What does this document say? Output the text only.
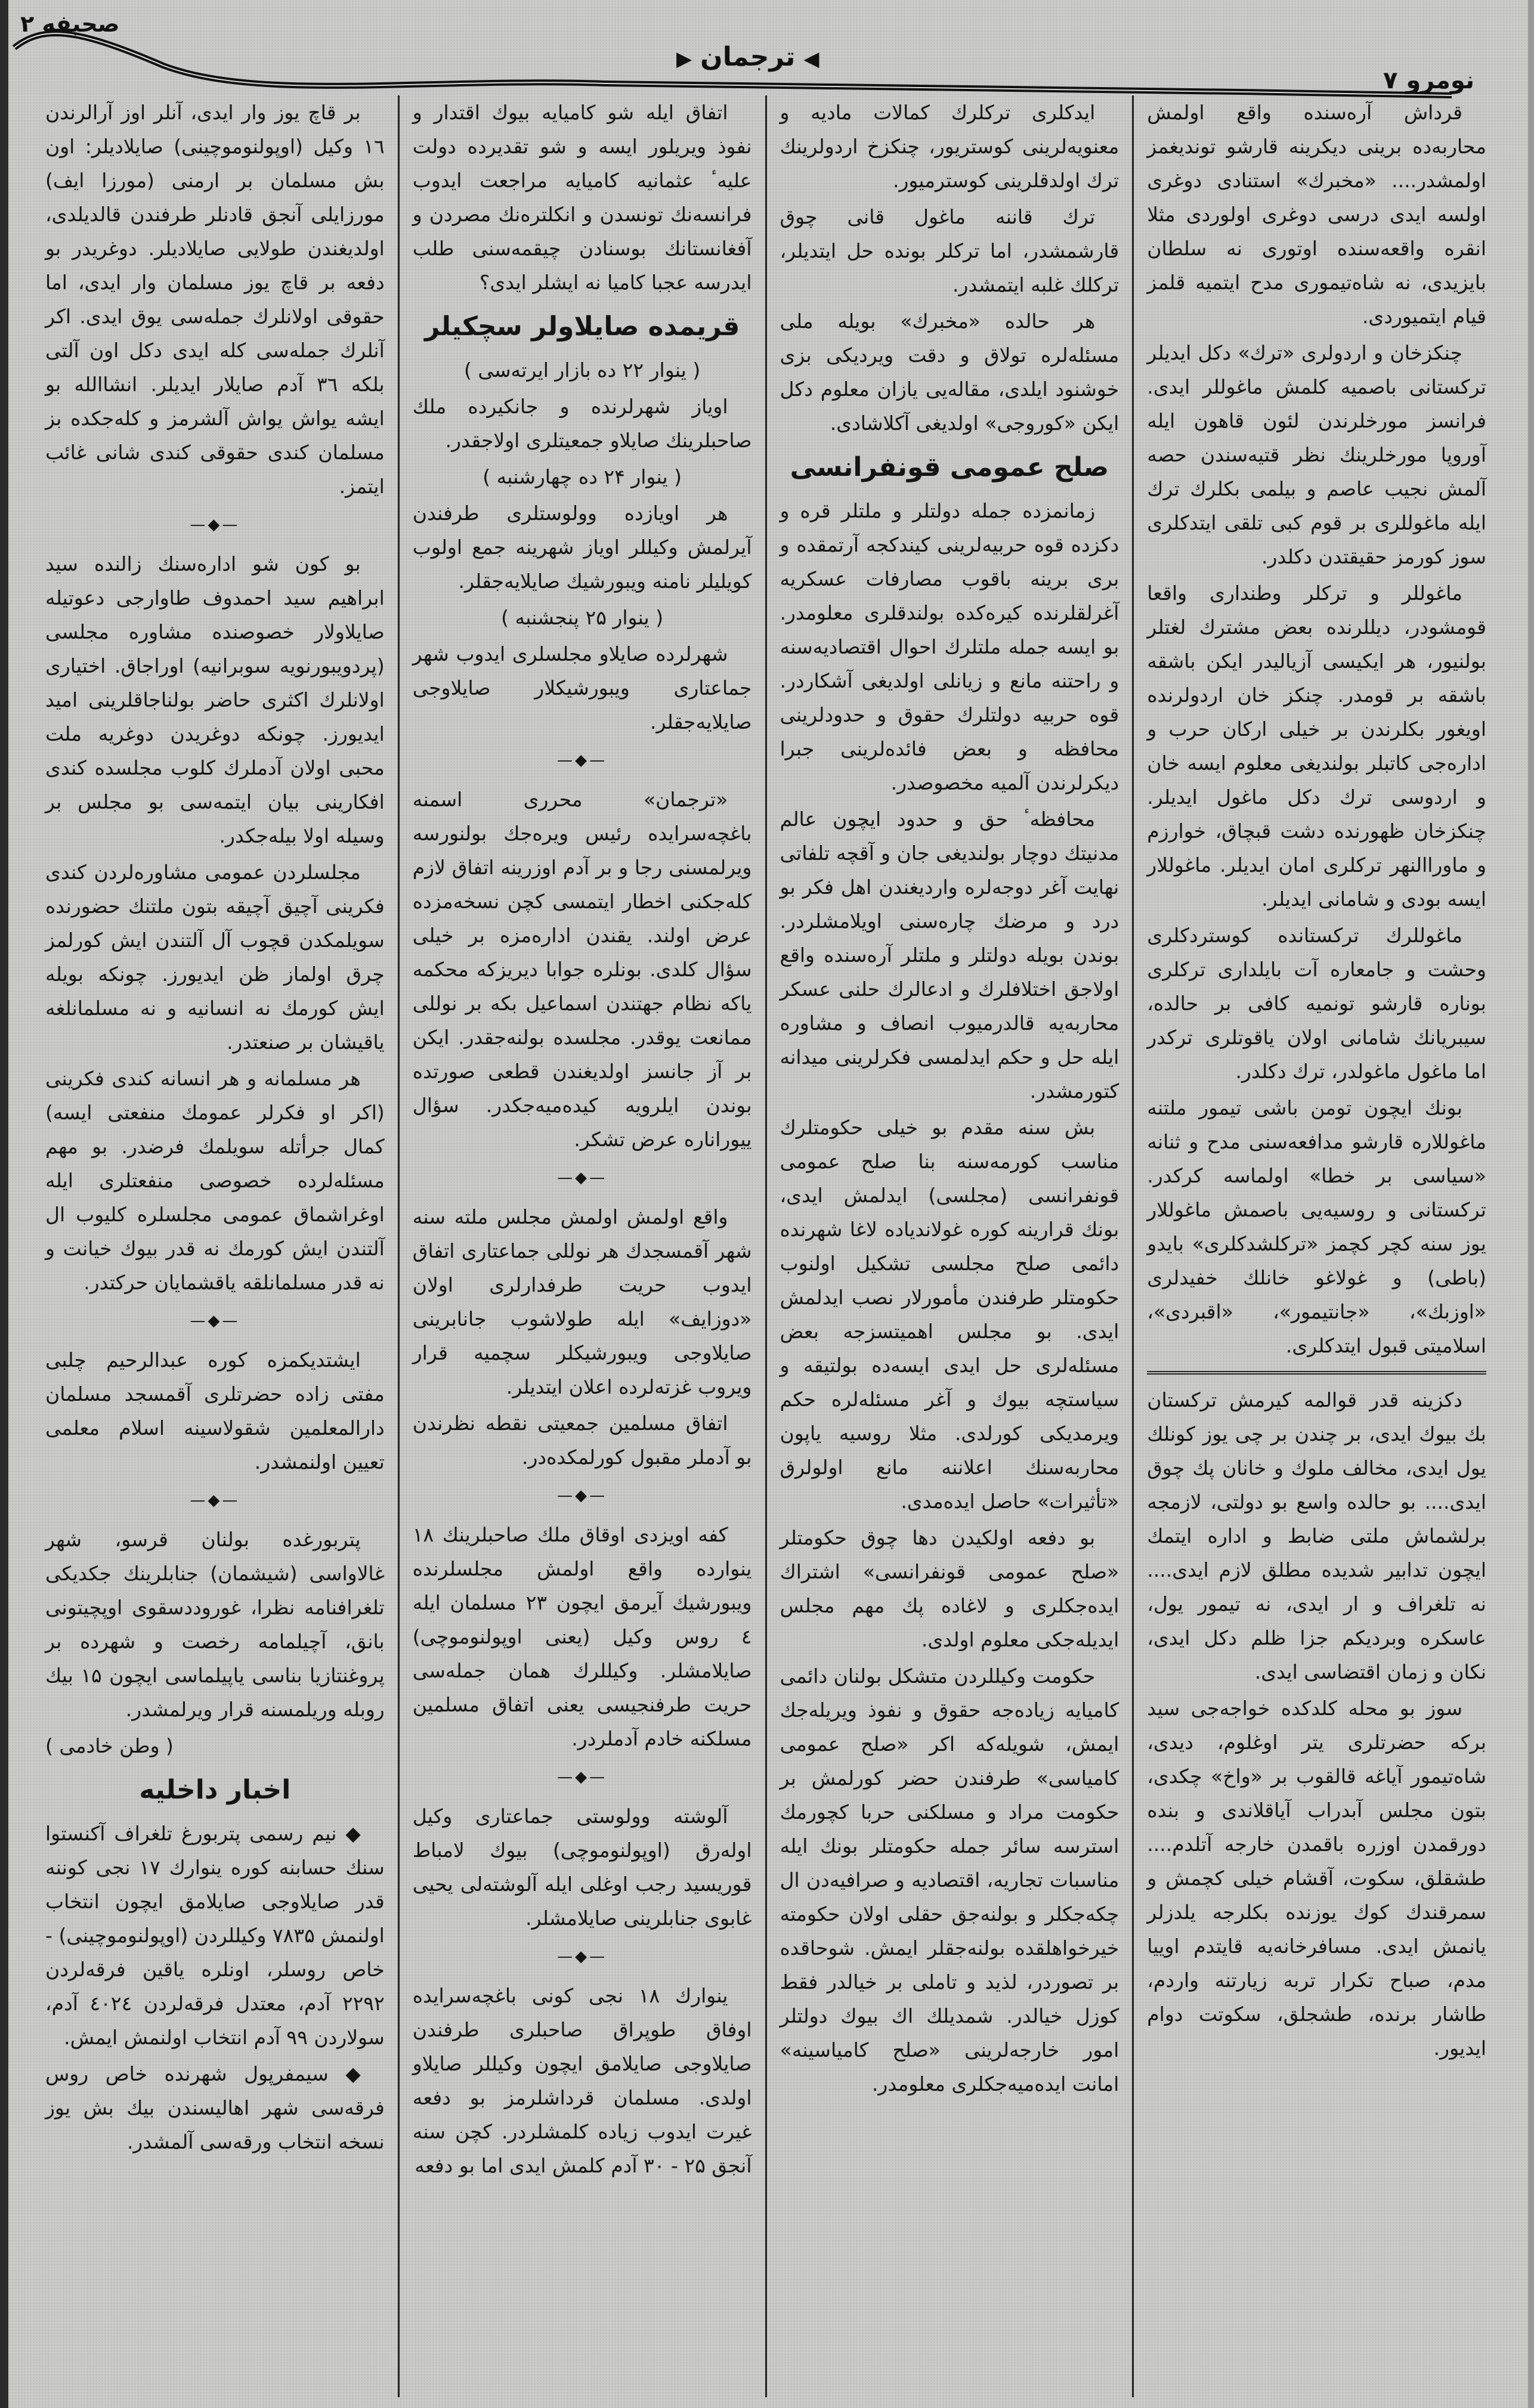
صحیفه ۲
◀ ترجمان ▶
نومرو ۷

قرداش آرەسندە واقع اولمش محاربەدە برینی دیکرینە قارشو توندیغمز اولمشدر.... «مخبرك» استنادی دوغری اولسە ایدی درسی دوغری اولوردی مثلا انقره واقعەسندە اوتوری نە سلطان بایزیدی، نە شاەتیموری مدح ایتمیە قلمز قیام ایتمیوردی.

چنکزخان و اردولری «ترك» دکل ایدیلر ترکستانی باصمیە کلمش ماغوللر ایدی. فرانسز مورخلرندن لئون قاهون ایلە آوروپا مورخلرینك نظر قتیەسندن حصە آلمش نجیب عاصم و بیلمی بکلرك ترك ایلە ماغوللری بر قوم کبی تلقی ایتدکلری سوز کورمز حقیقتدن دکلدر.

ماغوللر و ترکلر وطنداری واقعا قومشودر، دیللرندە بعض مشترك لغتلر بولنیور، هر ایکیسی آزیالیدر ایکن باشقە باشقە بر قومدر. چنکز خان اردولرندە اویغور بکلرندن بر خیلی ارکان حرب و ادارەجی کاتبلر بولندیغی معلوم ایسە خان و اردوسی ترك دکل ماغول ایدیلر. چنکزخان ظهورندە دشت قبچاق، خوارزم و ماوراالنهر ترکلری امان ایدیلر. ماغوللار ایسە بودی و شامانی ایدیلر.

ماغوللرك ترکستاندە کوستردکلری وحشت و جامعاره آت بایلداری ترکلری بونارە قارشو تونمیە کافی بر حالدە، سیبریانك شامانی اولان یاقوتلری ترکدر اما ماغول ماغولدر، ترك دکلدر.

بونك ایچون تومن باشی تیمور ملتنە ماغوللارە قارشو مدافعەسنی مدح و ثنانە «سیاسی بر خطا» اولماسە کرکدر. ترکستانی و روسیەیی باصمش ماغوللار یوز سنە کچر کچمز «ترکلشدکلری» بایدو (باطی) و غولاغو خانلك خفیدلری «اوزبك»، «جانتیمور»، «اقبردی»، اسلامیتی قبول ایتدکلری.

دکزینە قدر قوالمە کیرمش ترکستان بك بیوك ایدی، بر چندن بر چی یوز کونلك یول ایدی، مخالف ملوك و خانان پك چوق ایدی.... بو حالدە واسع بو دولتی، لازمجە برلشماش ملتی ضابط و ادارە ایتمك ایچون تدابیر شدیدە مطلق لازم ایدی.... نە تلغراف و ار ایدی، نە تیمور یول، عاسکرە وبردیکم جزا ظلم دکل ایدی، نکان و زمان اقتضاسی ایدی.

سوز بو محلە کلدکدە خواجەجی سید برکە حضرتلری یتر اوغلوم، دیدی، شاەتیمور آیاغە قالقوب بر «واخ» چکدی، بتون مجلس آبدراب آیاقلاندی و بندە دورقمدن اوزرە باقمدن خارجە آتلدم.... طشقلق، سکوت، آقشام خیلی کچمش و سمرقندك کوك یوزندە بکلرجە یلدزلر یانمش ایدی. مسافرخانەیە قایتدم اوییا مدم، صباح تکرار تربە زیارتنە واردم، طاشار برندە، طشجلق، سکوتت دوام ایدیور.

ایدکلری ترکلرك کمالات مادیە و معنویەلرینی کوستریور، چنکزخ اردولرینك ترك اولدقلرینی کوسترمیور.

ترك قاننە ماغول قانی چوق قارشمشدر، اما ترکلر بونده حل ایتدیلر، ترکلك غلبە ایتمشدر.

هر حالدە «مخبرك» بویلە ملی مسئلەلرە تولاق و دقت ویردیکی بزی خوشنود ایلدی، مقالەیی یازان معلوم دکل ایکن «کوروجی» اولدیغی آکلاشادی.

صلح عمومی قونفرانسی

زمانمزدە جملە دولتلر و ملتلر قرە و دکزدە قوە حربیەلرینی کیندکجە آرتمقدە و بری برینە باقوب مصارفات عسکریە آغرلقلرندە کیرەکدە بولندقلری معلومدر. بو ایسە جملە ملتلرك احوال اقتصادیەسنە و راحتنە مانع و زیانلی اولدیغی آشکاردر. قوە حربیە دولتلرك حقوق و حدودلرینی محافظە و بعض فائدەلرینی جبرا دیکرلرندن آلمیە مخصوصدر.

محافظەٴ حق و حدود ایچون عالم مدنیتك دوچار بولندیغی جان و آقچە تلفاتی نهایت آغر دوجەلرە واردیغندن اهل فکر بو درد و مرضك چارەسنی اویلامشلردر. بوندن بویلە دولتلر و ملتلر آرەسندە واقع اولاجق اختلافلرك و ادعالرك حلنی عسکر محاربەیە قالدرمیوب انصاف و مشاورە ایلە حل و حکم ایدلمسی فکرلرینی میدانە کتورمشدر.

بش سنە مقدم بو خیلی حکومتلرك مناسب کورمەسنە بنا صلح عمومی قونفرانسی (مجلسی) ایدلمش ایدی، بونك قرارینە کورە غولاندیادە لاغا شهرندە دائمی صلح مجلسی تشکیل اولنوب حکومتلر طرفندن مأمورلار نصب ایدلمش ایدی. بو مجلس اهمیتسزجە بعض مسئلەلری حل ایدی ایسەدە بولتیقە و سیاستچە بیوك و آغر مسئلەلرە حکم ویرمدیکی کورلدی. مثلا روسیە یاپون محاربەسنك اعلاننە مانع اولولرق «تأثیرات» حاصل ایدەمدی.

بو دفعە اولکیدن دها چوق حکومتلر «صلح عمومی قونفرانسی» اشتراك ایدەجکلری و لاغادە پك مهم مجلس ایدیلەجکی معلوم اولدی.

حکومت وکیللردن متشکل بولنان دائمی کامیایە زیادەجە حقوق و نفوذ ویریلەجك ایمش، شویلەکە اکر «صلح عمومی کامیاسی» طرفندن حضر کورلمش بر حکومت مراد و مسلکنی حربا کچورمك استرسە سائر جملە حکومتلر بونك ایلە مناسبات تجاریە، اقتصادیە و صرافیەدن ال چکەجکلر و بولنەجق حقلی اولان حکومتە خیرخواهلقدە بولنەجقلر ایمش. شوحاقدە بر تصوردر، لذید و تاملی بر خیالدر فقط کوزل خیالدر. شمدیلك اك بیوك دولتلر امور خارجەلرینی «صلح کامیاسینە» امانت ایدەمیەجکلری معلومدر.

اتفاق ایلە شو کامیایە بیوك اقتدار و نفوذ ویریلور ایسە و شو تقدیردە دولت علیەٴ عثمانیە کامیایە مراجعت ایدوب فرانسەنك تونسدن و انکلترەنك مصردن و آفغانستانك بوسنادن چیقمەسنی طلب ایدرسە عجبا کامیا نە ایشلر ایدی؟

قریمدە صایلاولر سچکیلر
( ینوار ۲۲ دە بازار ایرتەسی )

اویاز شهرلرندە و جانکیردە ملك صاحبلرینك صایلاو جمعیتلری اولاجقدر.

( ینوار ۲۴ دە چهارشنبە )

هر اویازدە وولوستلری طرفندن آیرلمش وکیللر اویاز شهرینە جمع اولوب کویلیلر نامنە ویبورشیك صایلایەجقلر.

( ینوار ۲۵ پنجشنبە )

شهرلردە صایلاو مجلسلری ایدوب شهر جماعتاری ویبورشیکلار صایلاوجی صایلایەجقلر.

—◆—

«ترجمان» محرری اسمنە باغچەسرایدە رئیس ویرەجك بولنورسە ویرلمسنی رجا و بر آدم اوزرینە اتفاق لازم کلەجکنی اخطار ایتمسی کچن نسخەمزدە عرض اولند. یقندن ادارەمزە بر خیلی سؤال کلدی. بونلرە جوابا دیریزکە محکمە یاکە نظام جهتندن اسماعیل بکە بر نوللی ممانعت یوقدر. مجلسدە بولنەجقدر. ایکن بر آز جانسز اولدیغندن قطعی صورتدە بوندن ایلرویە کیدەمیەجکدر. سؤال ییوراناره عرض تشکر.

—◆—

واقع اولمش اولمش مجلس ملتە سنە شهر آقمسجدك هر نوللی جماعتاری اتفاق ایدوب حریت طرفدارلری اولان «دوزایف» ایلە طولاشوب جانابرینی صایلاوجی ویبورشیکلر سچمیە قرار ویروب غزتەلرده اعلان ایتدیلر.

اتفاق مسلمین جمعیتی نقطە نظرندن بو آدملر مقبول کورلمکدەدر.

—◆—

کفە اویزدی اوقاق ملك صاحبلرینك ۱۸ ینواردە واقع اولمش مجلسلرندە ویبورشیك آیرمق ایچون ۲۳ مسلمان ایلە ٤ روس وکیل (یعنی اوپولنوموچی) صایلامشلر. وکیللرك همان جملەسی حریت طرفنجیسی یعنی اتفاق مسلمین مسلکنە خادم آدملردر.

—◆—

آلوشتە وولوستی جماعتاری وکیل اولەرق (اوپولنوموچی) بیوك لامباط قوریسید رجب اوغلی ایلە آلوشتەلی یحیی غابوی جنابلرینی صایلامشلر.

—◆—

ینوارك ۱۸ نجی کونی باغچەسرایدە اوفاق طوپراق صاحبلری طرفندن صایلاوجی صایلامق ایچون وکیللر صایلاو اولدی. مسلمان قرداشلرمز بو دفعە غیرت ایدوب زیادە کلمشلردر. کچن سنە آنجق ۲۵ - ۳۰ آدم کلمش ایدی اما بو دفعە

بر قاچ یوز وار ایدی، آنلر اوز آرالرندن ۱٦ وکیل (اوپولنوموچینی) صایلادیلر: اون بش مسلمان بر ارمنی (مورزا ایف) مورزایلی آنجق قادنلر طرفندن قالدیلدی، اولدیغندن طولایی صایلادیلر. دوغریدر بو دفعە بر قاچ یوز مسلمان وار ایدی، اما حقوقی اولانلرك جملەسی یوق ایدی. اکر آنلرك جملەسی کلە ایدی دکل اون آلتی بلکە ۳٦ آدم صایلار ایدیلر. انشاالله بو ایشە یواش یواش آلشرمز و کلەجکدە بز مسلمان کندی حقوقی کندی شانی غائب ایتمز.

—◆—

بو کون شو ادارەسنك زالندە سید ابراهیم سید احمدوف طاوارجی دعوتیلە صایلاولار خصوصندە مشاورە مجلسی (پردویبورنویە سوبرانیە) اوراجاق. اختیاری اولانلرك اکثری حاضر بولناجاقلرینی امید ایدیورز. چونکە دوغریدن دوغریە ملت محبی اولان آدملرك کلوب مجلسدە کندی افکارینی بیان ایتمەسی بو مجلس بر وسیلە اولا بیلەجکدر.

مجلسلردن عمومی مشاورەلردن کندی فکرینی آچیق آچیقە بتون ملتنك حضورندە سویلمکدن قچوب آل آلتندن ایش کورلمز چرق اولماز ظن ایدیورز. چونکە بویلە ایش کورمك نە انسانیە و نە مسلمانلغە یاقیشان بر صنعتدر.

هر مسلمانە و هر انسانە کندی فکرینی (اکر او فکرلر عمومك منفعتی ایسە) کمال جرأتلە سویلمك فرضدر. بو مهم مسئلەلردە خصوصی منفعتلری ایلە اوغراشماق عمومی مجلسلرە کلیوب ال آلتندن ایش کورمك نە قدر بیوك خیانت و نە قدر مسلمانلقە یاقشمایان حرکتدر.

—◆—

ایشتدیکمزە کورە عبدالرحیم چلبی مفتی زادە حضرتلری آقمسجد مسلمان دارالمعلمین شقولاسینە اسلام معلمی تعیین اولنمشدر.

—◆—

پتربورغدە بولنان قرسو، شهر غالاواسی (شیشمان) جنابلرینك جکدیکی تلغرافنامە نظرا، غوروددسقوی اوپچیتونی بانق، آچیلمامە رخصت و شهردە بر پروغنتازیا بناسی یاپیلماسی ایچون ۱۵ بیك روبلە وریلمسنە قرار ویرلمشدر.

( وطن خادمی )
اخبار داخلیه

◆ نیم رسمی پتربورغ تلغراف آکنستوا سنك حسابنە کورە ینوارك ۱۷ نجی کوننە قدر صایلاوجی صایلامق ایچون انتخاب اولنمش ۷۸۳۵ وکیللردن (اوپولنوموچینی) - خاص روسلر، اونلرە یاقین فرقەلردن ۲۲۹۲ آدم، معتدل فرقەلردن ٤٠٢٤ آدم، سولاردن ۹۹ آدم انتخاب اولنمش ایمش.

◆ سیمفرپول شهرندە خاص روس فرقەسی شهر اهالیسندن بیك بش یوز نسخە انتخاب ورقەسی آلمشدر.
